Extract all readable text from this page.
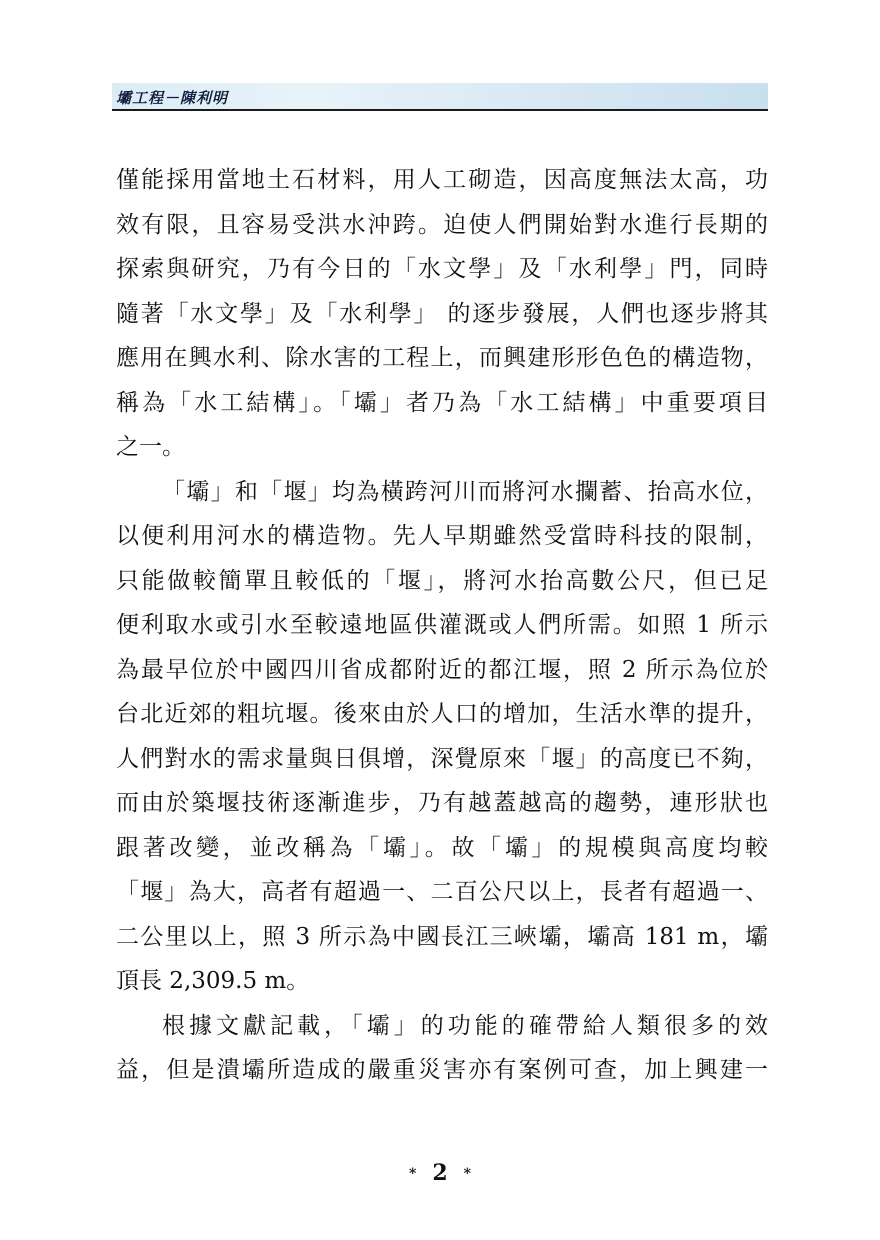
壩工程－陳利明
僅能採用當地土石材料，用人工砌造，因高度無法太高，功
效有限，且容易受洪水沖跨。迫使人們開始對水進行長期的
探索與研究，乃有今日的「水文學」及「水利學」門，同時
隨著「水文學」及「水利學」 的逐步發展，人們也逐步將其
應用在興水利、除水害的工程上，而興建形形色色的構造物，
稱為「水工結構」。「壩」者乃為「水工結構」中重要項目
之一。
「壩」和「堰」均為橫跨河川而將河水攔蓄、抬高水位，
以便利用河水的構造物。先人早期雖然受當時科技的限制，
只能做較簡單且較低的「堰」，將河水抬高數公尺，但已足
便利取水或引水至較遠地區供灌溉或人們所需。如照 1 所示
為最早位於中國四川省成都附近的都江堰，照 2 所示為位於
台北近郊的粗坑堰。後來由於人口的增加，生活水準的提升，
人們對水的需求量與日俱增，深覺原來「堰」的高度已不夠，
而由於築堰技術逐漸進步，乃有越蓋越高的趨勢，連形狀也
跟著改變，並改稱為「壩」。故「壩」的規模與高度均較
「堰」為大，高者有超過一、二百公尺以上，長者有超過一、
二公里以上，照 3 所示為中國長江三峽壩，壩高 181 m，壩
頂長 2,309.5 m。
根據文獻記載，「壩」的功能的確帶給人類很多的效
益，但是潰壩所造成的嚴重災害亦有案例可查，加上興建一
* 2 *
